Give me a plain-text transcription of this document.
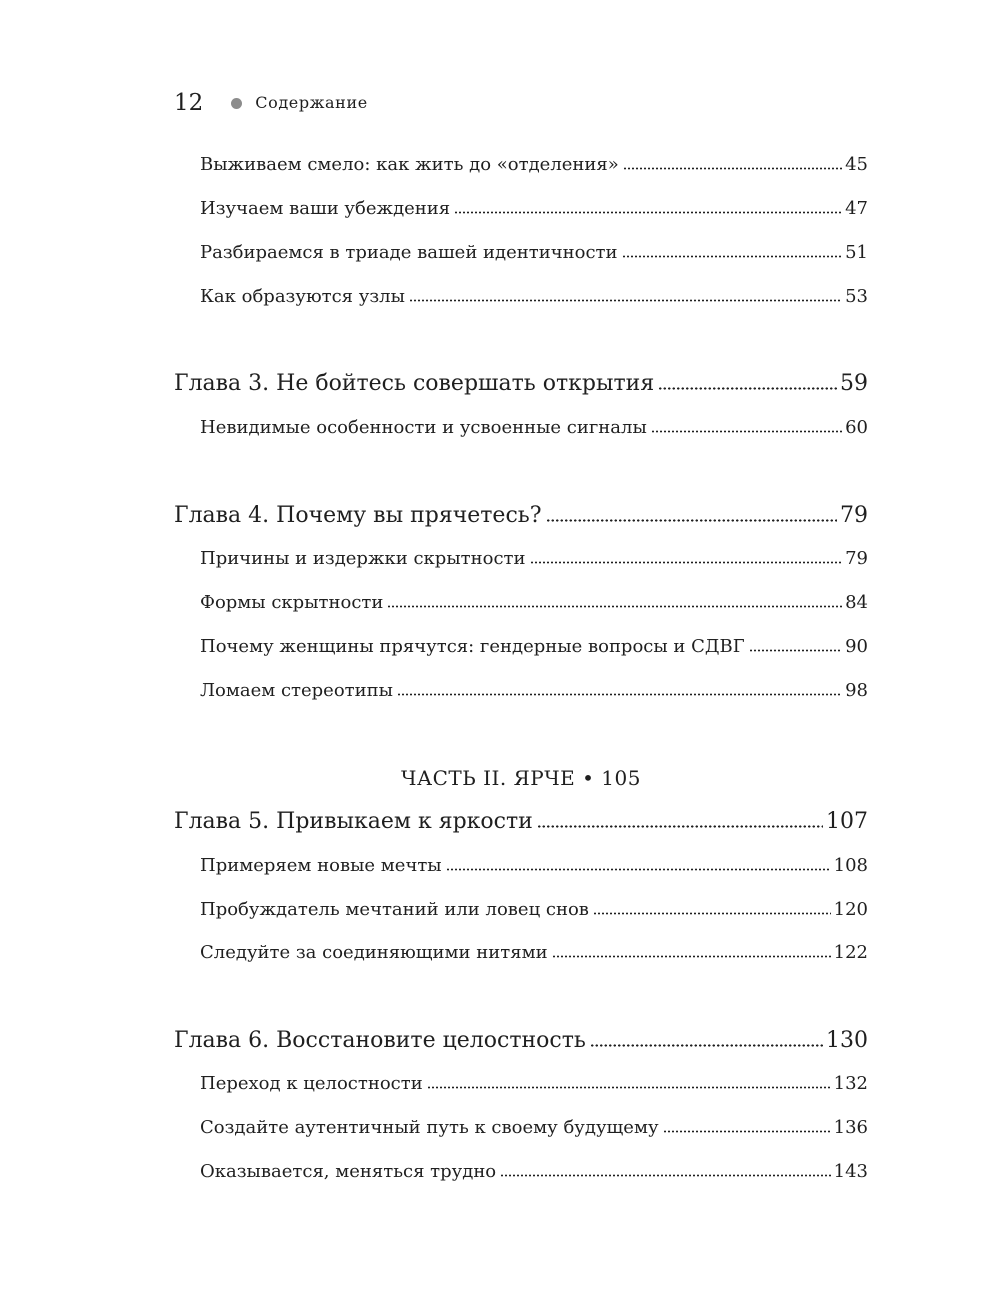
12	Содержание
Выживаем смело: как жить до «отделения»	45
Изучаем ваши убеждения	47
Разбираемся в триаде вашей идентичности	51
Как образуются узлы	53
Глава 3. Не бойтесь совершать открытия	59
Невидимые особенности и усвоенные сигналы	60
Глава 4. Почему вы прячетесь?	79
Причины и издержки скрытности	79
Формы скрытности	84
Почему женщины прячутся: гендерные вопросы и СДВГ	90
Ломаем стереотипы	98
ЧАСТЬ II. ЯРЧЕ • 105
Глава 5. Привыкаем к яркости	107
Примеряем новые мечты	108
Пробуждатель мечтаний или ловец снов	120
Следуйте за соединяющими нитями	122
Глава 6. Восстановите целостность	130
Переход к целостности	132
Создайте аутентичный путь к своему будущему	136
Оказывается, меняться трудно	143
